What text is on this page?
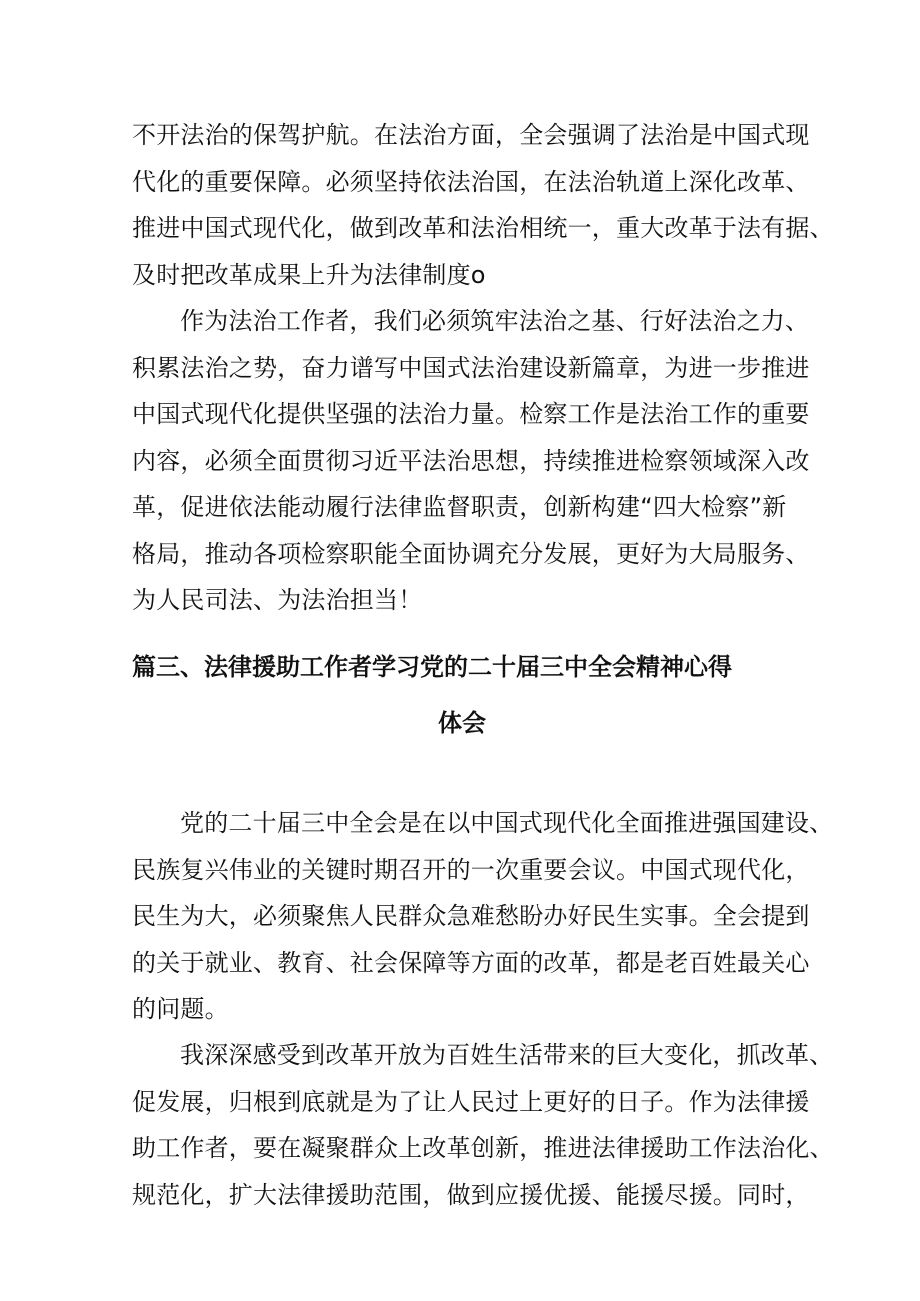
不开法治的保驾护航。在法治方面，全会强调了法治是中国式现
代化的重要保障。必须坚持依法治国，在法治轨道上深化改革、
推进中国式现代化，做到改革和法治相统一，重大改革于法有据、
及时把改革成果上升为法律制度o
作为法治工作者，我们必须筑牢法治之基、行好法治之力、
积累法治之势，奋力谱写中国式法治建设新篇章，为进一步推进
中国式现代化提供坚强的法治力量。检察工作是法治工作的重要
内容，必须全面贯彻习近平法治思想，持续推进检察领域深入改
革，促进依法能动履行法律监督职责，创新构建“四大检察”新
格局，推动各项检察职能全面协调充分发展，更好为大局服务、
为人民司法、为法治担当！
篇三、法律援助工作者学习党的二十届三中全会精神心得
体会
党的二十届三中全会是在以中国式现代化全面推进强国建设、
民族复兴伟业的关键时期召开的一次重要会议。中国式现代化，
民生为大，必须聚焦人民群众急难愁盼办好民生实事。全会提到
的关于就业、教育、社会保障等方面的改革，都是老百姓最关心
的问题。
我深深感受到改革开放为百姓生活带来的巨大变化，抓改革、
促发展，归根到底就是为了让人民过上更好的日子。作为法律援
助工作者，要在凝聚群众上改革创新，推进法律援助工作法治化、
规范化，扩大法律援助范围，做到应援优援、能援尽援。同时，
